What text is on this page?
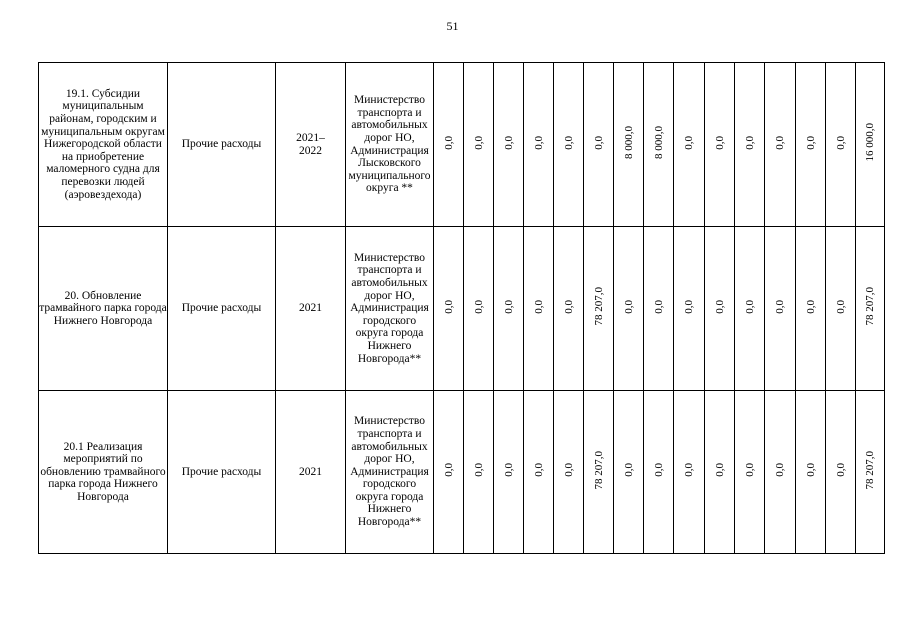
51
19.1. Субсидии муниципальным районам, городским и муниципальным округам Нижегородской области на приобретение маломерного судна для перевозки людей (аэровездехода)	Прочие расходы	2021–2022	Министерство транспорта и автомобильных дорог НО, Администрация Лысковского муниципального округа **	0,0	0,0	0,0	0,0	0,0	0,0	8 000,0	8 000,0	0,0	0,0	0,0	0,0	0,0	0,0	16 000,0
20. Обновление трамвайного парка города Нижнего Новгорода	Прочие расходы	2021	Министерство транспорта и автомобильных дорог НО, Администрация городского округа города Нижнего Новгорода**	0,0	0,0	0,0	0,0	0,0	78 207,0	0,0	0,0	0,0	0,0	0,0	0,0	0,0	0,0	78 207,0
20.1 Реализация мероприятий по обновлению трамвайного парка города Нижнего Новгорода	Прочие расходы	2021	Министерство транспорта и автомобильных дорог НО, Администрация городского округа города Нижнего Новгорода**	0,0	0,0	0,0	0,0	0,0	78 207,0	0,0	0,0	0,0	0,0	0,0	0,0	0,0	0,0	78 207,0
